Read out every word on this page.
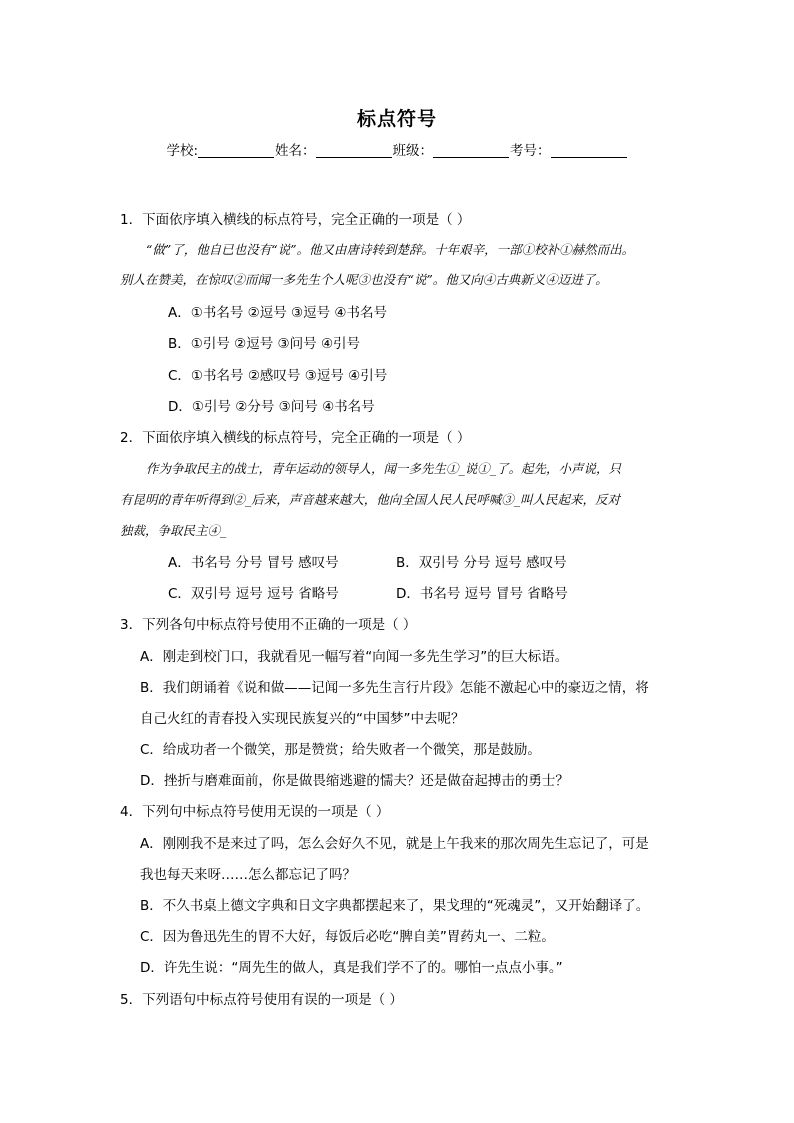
标点符号
学校:	姓名：	班级：	考号：
1．下面依序填入横线的标点符号，完全正确的一项是（ ）
“做”了，他自已也没有“说”。他又由唐诗转到楚辞。十年艰辛，一部①校补①赫然而出。
别人在赞美，在惊叹②而闻一多先生个人呢③也没有“说”。他又向④古典新义④迈进了。
A．①书名号 ②逗号 ③逗号 ④书名号
B．①引号 ②逗号 ③问号 ④引号
C．①书名号 ②感叹号 ③逗号 ④引号
D．①引号 ②分号 ③问号 ④书名号
2．下面依序填入横线的标点符号，完全正确的一项是（ ）
作为争取民主的战士，青年运动的领导人，闻一多先生①_说①_了。起先，小声说，只
有昆明的青年听得到②_后来，声音越来越大，他向全国人民人民呼喊③_叫人民起来，反对
独裁，争取民主④_
A．书名号 分号 冒号 感叹号	B．双引号 分号 逗号 感叹号
C．双引号 逗号 逗号 省略号	D．书名号 逗号 冒号 省略号
3．下列各句中标点符号使用不正确的一项是（ ）
A．刚走到校门口，我就看见一幅写着“向闻一多先生学习”的巨大标语。
B．我们朗诵着《说和做——记闻一多先生言行片段》怎能不激起心中的豪迈之情，将
自己火红的青春投入实现民族复兴的“中国梦”中去呢？
C．给成功者一个微笑，那是赞赏；给失败者一个微笑，那是鼓励。
D．挫折与磨难面前，你是做畏缩逃避的懦夫？还是做奋起搏击的勇士？
4．下列句中标点符号使用无误的一项是（ ）
A．刚刚我不是来过了吗，怎么会好久不见，就是上午我来的那次周先生忘记了，可是
我也每天来呀……怎么都忘记了吗？
B．不久书桌上德文字典和日文字典都摆起来了，果戈理的“死魂灵”，又开始翻译了。
C．因为鲁迅先生的胃不大好，每饭后必吃“脾自美”胃药丸一、二粒。
D．许先生说：“周先生的做人，真是我们学不了的。哪怕一点点小事。”
5．下列语句中标点符号使用有误的一项是（ ）
